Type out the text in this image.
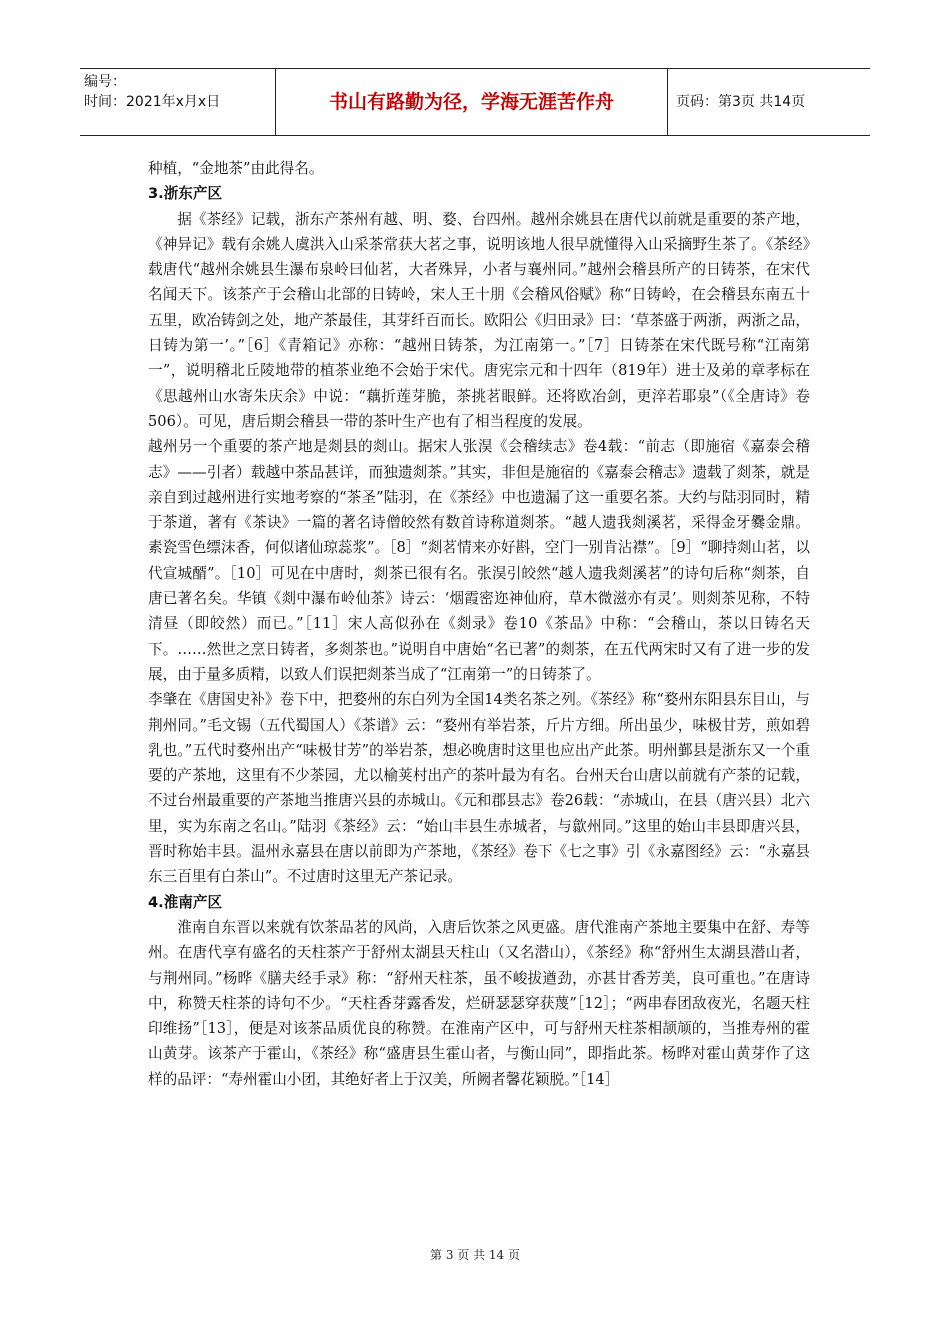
编号：
时间：2021年x月x日	书山有路勤为径，学海无涯苦作舟	页码：第3页 共14页

种植，“金地茶”由此得名。

3.浙东产区

据《茶经》记载，浙东产茶州有越、明、婺、台四州。越州余姚县在唐代以前就是重要的茶产地，《神异记》载有余姚人虞洪入山采茶常获大茗之事，说明该地人很早就懂得入山采摘野生茶了。《茶经》载唐代“越州余姚县生瀑布泉岭曰仙茗，大者殊异，小者与襄州同。”越州会稽县所产的日铸茶，在宋代名闻天下。该茶产于会稽山北部的日铸岭，宋人王十朋《会稽风俗赋》称“日铸岭，在会稽县东南五十五里，欧冶铸剑之处，地产茶最佳，其芽纤百而长。欧阳公《归田录》曰：‘草茶盛于两浙，两浙之品，日铸为第一’。”［6］《青箱记》亦称：“越州日铸茶，为江南第一。”［7］日铸茶在宋代既号称“江南第一”，说明稽北丘陵地带的植茶业绝不会始于宋代。唐宪宗元和十四年（819年）进士及弟的章孝标在《思越州山水寄朱庆余》中说：“藕折莲芽脆，茶挑茗眼鲜。还将欧冶剑，更淬若耶泉”（《全唐诗》卷506）。可见，唐后期会稽县一带的茶叶生产也有了相当程度的发展。

越州另一个重要的茶产地是剡县的剡山。据宋人张淏《会稽续志》卷4载：“前志（即施宿《嘉泰会稽志》——引者）载越中茶品甚详，而独遗剡茶。”其实，非但是施宿的《嘉泰会稽志》遗载了剡茶，就是亲自到过越州进行实地考察的“茶圣”陆羽，在《茶经》中也遗漏了这一重要名茶。大约与陆羽同时，精于茶道，著有《茶诀》一篇的著名诗僧皎然有数首诗称道剡茶。“越人遗我剡溪茗，采得金牙爨金鼎。素瓷雪色缥沫香，何似诸仙琼蕊浆”。［8］“剡茗情来亦好斟，空门一别肯沾襟”。［9］“聊持剡山茗，以代宣城醑”。［10］可见在中唐时，剡茶已很有名。张淏引皎然“越人遗我剡溪茗”的诗句后称“剡茶，自唐已著名矣。华镇《剡中瀑布岭仙茶》诗云：‘烟霞密迩神仙府，草木微滋亦有灵’。则剡茶见称，不特清昼（即皎然）而已。”［11］宋人高似孙在《剡录》卷10《茶品》中称：“会稽山，茶以日铸名天下。……然世之烹日铸者，多剡茶也。”说明自中唐始“名已著”的剡茶，在五代两宋时又有了进一步的发展，由于量多质精，以致人们误把剡茶当成了“江南第一”的日铸茶了。

李肇在《唐国史补》卷下中，把婺州的东白列为全国14类名茶之列。《茶经》称“婺州东阳县东目山，与荆州同。”毛文锡（五代蜀国人）《茶谱》云：“婺州有举岩茶，斤片方细。所出虽少，味极甘芳，煎如碧乳也。”五代时婺州出产“味极甘芳”的举岩茶，想必晚唐时这里也应出产此茶。明州鄞县是浙东又一个重要的产茶地，这里有不少茶园，尤以榆荚村出产的茶叶最为有名。台州天台山唐以前就有产茶的记载，不过台州最重要的产茶地当推唐兴县的赤城山。《元和郡县志》卷26载：“赤城山，在县（唐兴县）北六里，实为东南之名山。”陆羽《茶经》云：“始山丰县生赤城者，与歙州同。”这里的始山丰县即唐兴县，晋时称始丰县。温州永嘉县在唐以前即为产茶地，《茶经》卷下《七之事》引《永嘉图经》云：“永嘉县东三百里有白茶山”。不过唐时这里无产茶记录。

4.淮南产区

淮南自东晋以来就有饮茶品茗的风尚，入唐后饮茶之风更盛。唐代淮南产茶地主要集中在舒、寿等州。在唐代享有盛名的天柱茶产于舒州太湖县天柱山（又名潜山），《茶经》称“舒州生太湖县潜山者，与荆州同。”杨晔《膳夫经手录》称：“舒州天柱茶，虽不峻拔遒劲，亦甚甘香芳美，良可重也。”在唐诗中，称赞天柱茶的诗句不少。“天柱香芽露香发，烂研瑟瑟穿获蔑”［12］；“两串春团敌夜光，名题天柱印维扬”［13］，便是对该茶品质优良的称赞。在淮南产区中，可与舒州天柱茶相颉颃的，当推寿州的霍山黄芽。该茶产于霍山，《茶经》称“盛唐县生霍山者，与衡山同”，即指此茶。杨晔对霍山黄芽作了这样的品评：“寿州霍山小团，其绝好者上于汉美，所阙者馨花颖脱。”［14］

第 3 页 共 14 页
